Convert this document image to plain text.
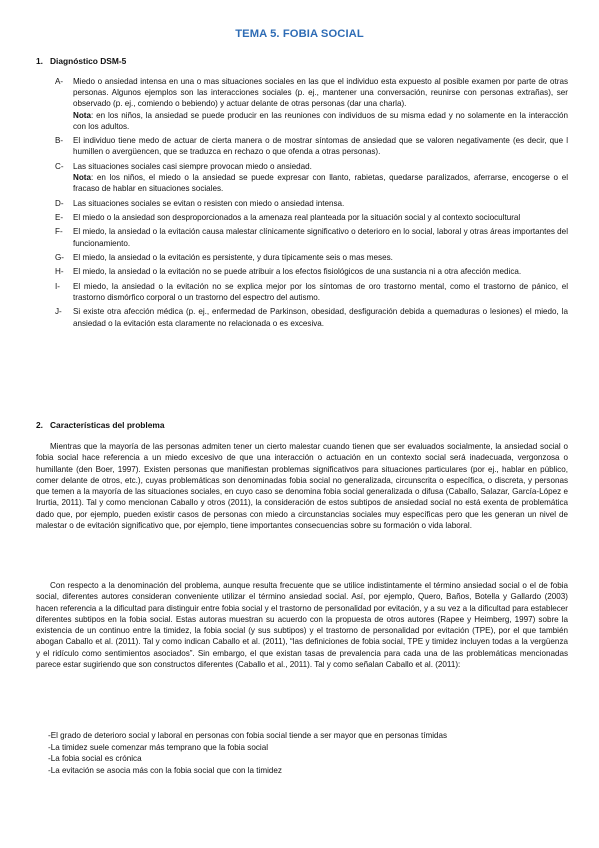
TEMA 5. FOBIA SOCIAL
1. Diagnóstico DSM-5
A-	Miedo o ansiedad intensa en una o mas situaciones sociales en las que el individuo esta expuesto al posible examen por parte de otras personas. Algunos ejemplos son las interacciones sociales (p. ej., mantener una conversación, reunirse con personas extrañas), ser observado (p. ej., comiendo o bebiendo) y actuar delante de otras personas (dar una charla).

Nota: en los niños, la ansiedad se puede producir en las reuniones con individuos de su misma edad y no solamente en la interacción con los adultos.

B-	El individuo tiene medo de actuar de cierta manera o de mostrar síntomas de ansiedad que se valoren negativamente (es decir, que l humillen o avergüencen, que se traduzca en rechazo o que ofenda a otras personas).

C-	Las situaciones sociales casi siempre provocan miedo o ansiedad.

Nota: en los niños, el miedo o la ansiedad se puede expresar con llanto, rabietas, quedarse paralizados, aferrarse, encogerse o el fracaso de hablar en situaciones sociales.

D-	Las situaciones sociales se evitan o resisten con miedo o ansiedad intensa.

E-	El miedo o la ansiedad son desproporcionados a la amenaza real planteada por la situación social y al contexto sociocultural

F-	El miedo, la ansiedad o la evitación causa malestar clínicamente significativo o deterioro en lo social, laboral y otras áreas importantes del funcionamiento.

G-	El miedo, la ansiedad o la evitación es persistente, y dura típicamente seis o mas meses.

H-	El miedo, la ansiedad o la evitación no se puede atribuir a los efectos fisiológicos de una sustancia ni a otra afección medica.

I-	El miedo, la ansiedad o la evitación no se explica mejor por los síntomas de oro trastorno mental, como el trastorno de pánico, el trastorno dismórfico corporal o un trastorno del espectro del autismo.

J-	Si existe otra afección médica (p. ej., enfermedad de Parkinson, obesidad, desfiguración debida a quemaduras o lesiones) el miedo, la ansiedad o la evitación esta claramente no relacionada o es excesiva.

2. Características del problema

Mientras que la mayoría de las personas admiten tener un cierto malestar cuando tienen que ser evaluados socialmente, la ansiedad social o fobia social hace referencia a un miedo excesivo de que una interacción o actuación en un contexto social será inadecuada, vergonzosa o humillante (den Boer, 1997). Existen personas que manifiestan problemas significativos para situaciones particulares (por ej., hablar en público, comer delante de otros, etc.), cuyas problemáticas son denominadas fobia social no generalizada, circunscrita o específica, o discreta, y personas que temen a la mayoría de las situaciones sociales, en cuyo caso se denomina fobia social generalizada o difusa (Caballo, Salazar, García-López e Irurtia, 2011). Tal y como mencionan Caballo y otros (2011), la consideración de estos subtipos de ansiedad social no está exenta de problemática dado que, por ejemplo, pueden existir casos de personas con miedo a circunstancias sociales muy específicas pero que les generan un nivel de malestar o de evitación significativo que, por ejemplo, tiene importantes consecuencias sobre su formación o vida laboral.

Con respecto a la denominación del problema, aunque resulta frecuente que se utilice indistintamente el término ansiedad social o el de fobia social, diferentes autores consideran conveniente utilizar el término ansiedad social. Así, por ejemplo, Quero, Baños, Botella y Gallardo (2003) hacen referencia a la dificultad para distinguir entre fobia social y el trastorno de personalidad por evitación, y a su vez a la dificultad para establecer diferentes subtipos en la fobia social. Estas autoras muestran su acuerdo con la propuesta de otros autores (Rapee y Heimberg, 1997) sobre la existencia de un continuo entre la timidez, la fobia social (y sus subtipos) y el trastorno de personalidad por evitación (TPE), por el que también abogan Caballo et al. (2011). Tal y como indican Caballo et al. (2011), “las definiciones de fobia social, TPE y timidez incluyen todas a la vergüenza y el ridículo como sentimientos asociados”. Sin embargo, el que existan tasas de prevalencia para cada una de las problemáticas mencionadas parece estar sugiriendo que son constructos diferentes (Caballo et al., 2011). Tal y como señalan Caballo et al. (2011):

-El grado de deterioro social y laboral en personas con fobia social tiende a ser mayor que en personas tímidas
-La timidez suele comenzar más temprano que la fobia social
-La fobia social es crónica
-La evitación se asocia más con la fobia social que con la timidez
